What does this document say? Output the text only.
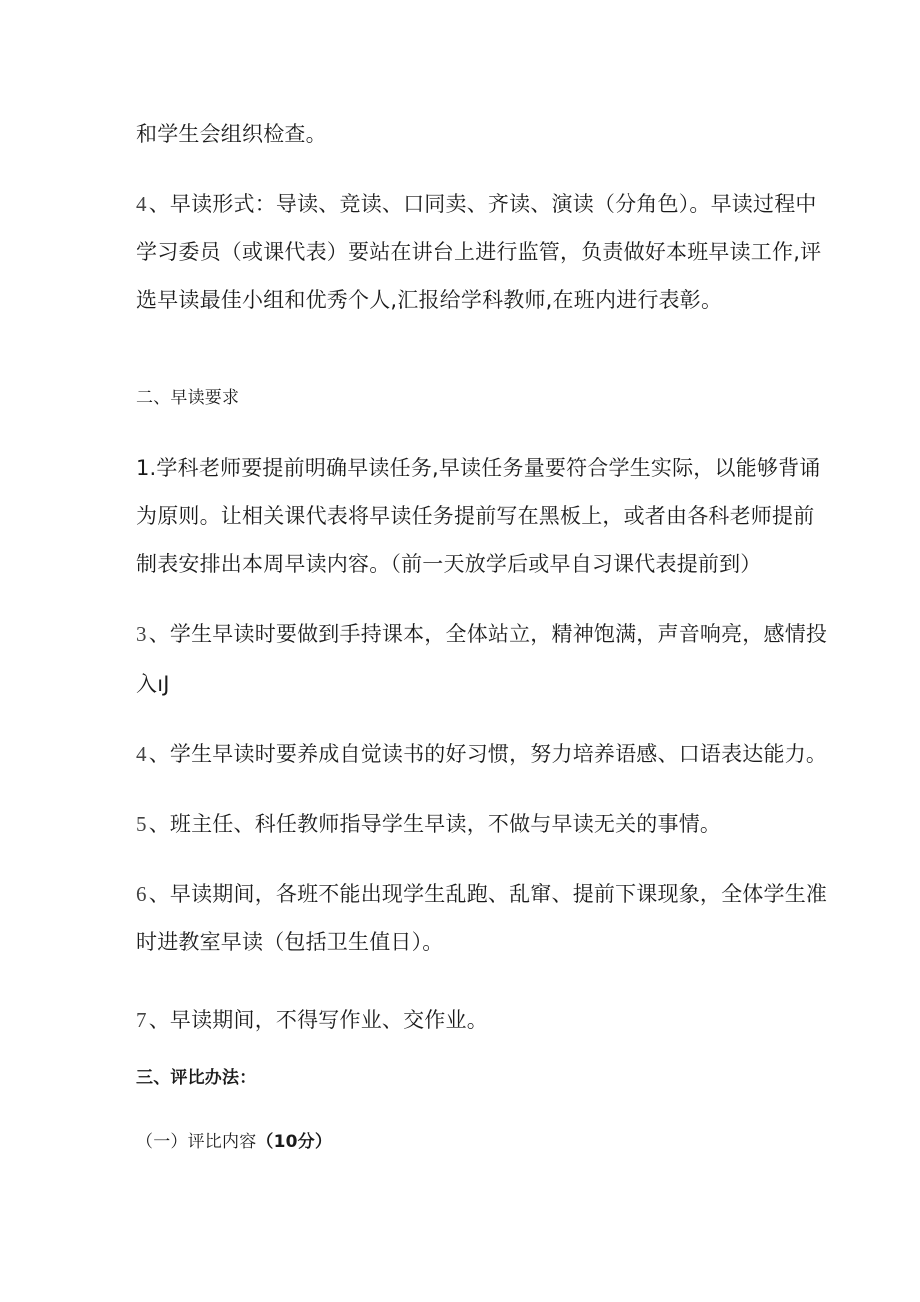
和学生会组织检查。
4、早读形式：导读、竞读、口同卖、齐读、演读（分角色）。早读过程中
学习委员（或课代表）要站在讲台上进行监管，负责做好本班早读工作,评
选早读最佳小组和优秀个人,汇报给学科教师,在班内进行表彰。
二、早读要求
1.学科老师要提前明确早读任务,早读任务量要符合学生实际，以能够背诵
为原则。让相关课代表将早读任务提前写在黑板上，或者由各科老师提前
制表安排出本周早读内容。（前一天放学后或早自习课代表提前到）
3、学生早读时要做到手持课本，全体站立，精神饱满，声音响亮，感情投
入ıJ
4、学生早读时要养成自觉读书的好习惯，努力培养语感、口语表达能力。
5、班主任、科任教师指导学生早读，不做与早读无关的事情。
6、早读期间，各班不能出现学生乱跑、乱窜、提前下课现象，全体学生准
时进教室早读（包括卫生值日）。
7、早读期间，不得写作业、交作业。
三、评比办法：
（一）评比内容（10分）
